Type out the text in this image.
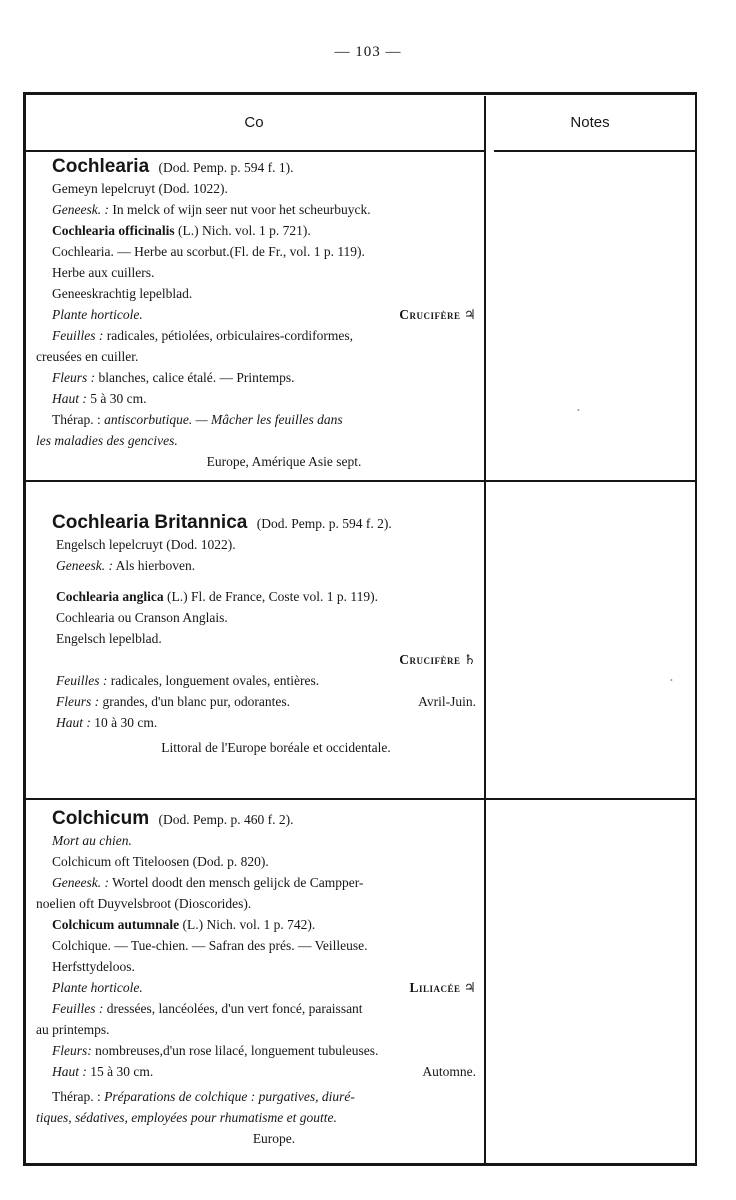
— 103 —
Co	Notes
Cochlearia (Dod. Pemp. p. 594 f. 1).
Gemeyn lepelcruyt (Dod. 1022).
Geneesk. : In melck of wijn seer nut voor het scheurbuyck.
Cochlearia officinalis (L.) Nich. vol. 1 p. 721).
Cochlearia. — Herbe au scorbut.(Fl. de Fr., vol. 1 p. 119).
Herbe aux cuillers.
Geneeskrachtig lepelblad.
Plante horticole.	Crucifère ♃
Feuilles : radicales, pétiolées, orbiculaires-cordiformes,
creusées en cuiller.
Fleurs : blanches, calice étalé. — Printemps.
Haut : 5 à 30 cm.
Thérap. : antiscorbutique. — Mâcher les feuilles dans
les maladies des gencives.
Europe, Amérique Asie sept.
Cochlearia Britannica (Dod. Pemp. p. 594 f. 2).
Engelsch lepelcruyt (Dod. 1022).
Geneesk. : Als hierboven.
Cochlearia anglica (L.) Fl. de France, Coste vol. 1 p. 119).
Cochlearia ou Cranson Anglais.
Engelsch lepelblad.
Crucifère ♄

Feuilles : radicales, longuement ovales, entières.
Fleurs : grandes, d'un blanc pur, odorantes.	Avril-Juin.
Haut : 10 à 30 cm.
Littoral de l'Europe boréale et occidentale.
Colchicum (Dod. Pemp. p. 460 f. 2).
Mort au chien.
Colchicum oft Titeloosen (Dod. p. 820).
Geneesk. : Wortel doodt den mensch gelijck de Campper-
noelien oft Duyvelsbroot (Dioscorides).
Colchicum autumnale (L.) Nich. vol. 1 p. 742).
Colchique. — Tue-chien. — Safran des prés. — Veilleuse.
Herfsttydeloos.
Plante horticole.	Liliacée ♃
Feuilles : dressées, lancéolées, d'un vert foncé, paraissant
au printemps.
Fleurs: nombreuses,d'un rose lilacé, longuement tubuleuses.
Haut : 15 à 30 cm.	Automne.
Thérap. : Préparations de colchique : purgatives, diuré-
tiques, sédatives, employées pour rhumatisme et goutte.
Europe.
•
•
